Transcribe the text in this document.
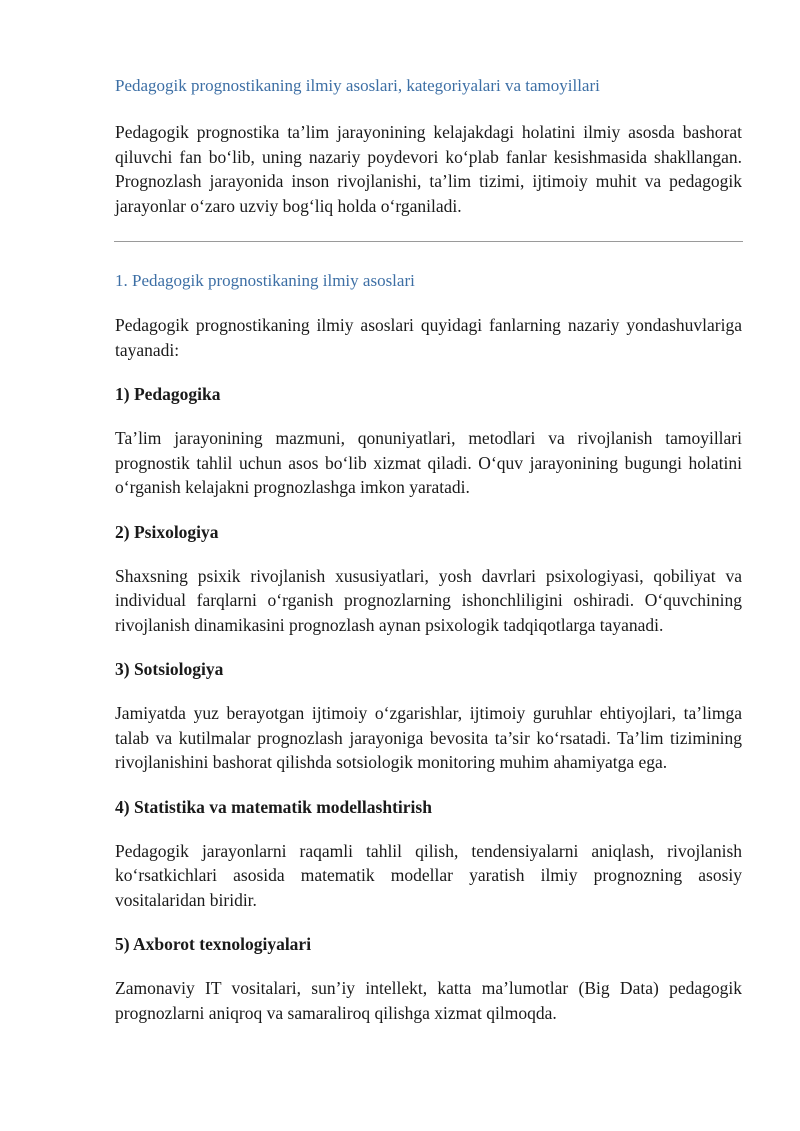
Pedagogik prognostikaning ilmiy asoslari, kategoriyalari va tamoyillari

Pedagogik prognostika ta’lim jarayonining kelajakdagi holatini ilmiy asosda bashorat qiluvchi fan bo‘lib, uning nazariy poydevori ko‘plab fanlar kesishmasida shakllangan. Prognozlash jarayonida inson rivojlanishi, ta’lim tizimi, ijtimoiy muhit va pedagogik jarayonlar o‘zaro uzviy bog‘liq holda o‘rganiladi.

1. Pedagogik prognostikaning ilmiy asoslari

Pedagogik prognostikaning ilmiy asoslari quyidagi fanlarning nazariy yondashuvlariga tayanadi:

1) Pedagogika

Ta’lim jarayonining mazmuni, qonuniyatlari, metodlari va rivojlanish tamoyillari prognostik tahlil uchun asos bo‘lib xizmat qiladi. O‘quv jarayonining bugungi holatini o‘rganish kelajakni prognozlashga imkon yaratadi.

2) Psixologiya

Shaxsning psixik rivojlanish xususiyatlari, yosh davrlari psixologiyasi, qobiliyat va individual farqlarni o‘rganish prognozlarning ishonchliligini oshiradi. O‘quvchining rivojlanish dinamikasini prognozlash aynan psixologik tadqiqotlarga tayanadi.

3) Sotsiologiya

Jamiyatda yuz berayotgan ijtimoiy o‘zgarishlar, ijtimoiy guruhlar ehtiyojlari, ta’limga talab va kutilmalar prognozlash jarayoniga bevosita ta’sir ko‘rsatadi. Ta’lim tizimining rivojlanishini bashorat qilishda sotsiologik monitoring muhim ahamiyatga ega.

4) Statistika va matematik modellashtirish

Pedagogik jarayonlarni raqamli tahlil qilish, tendensiyalarni aniqlash, rivojlanish ko‘rsatkichlari asosida matematik modellar yaratish ilmiy prognozning asosiy vositalaridan biridir.

5) Axborot texnologiyalari

Zamonaviy IT vositalari, sun’iy intellekt, katta ma’lumotlar (Big Data) pedagogik prognozlarni aniqroq va samaraliroq qilishga xizmat qilmoqda.
